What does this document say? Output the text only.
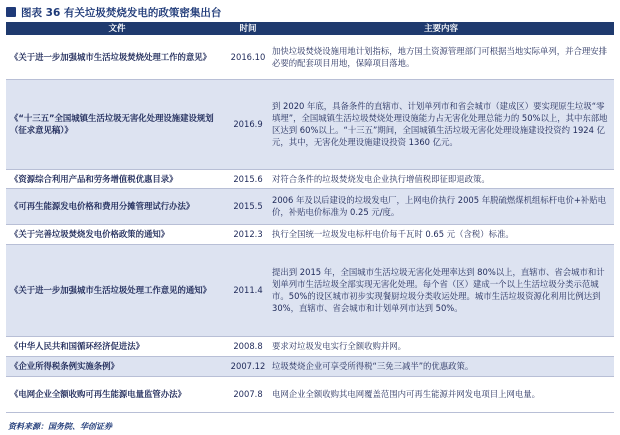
图表 36 有关垃圾焚烧发电的政策密集出台
文件	时间	主要内容
《关于进一步加强城市生活垃圾焚烧处理工作的意见》	2016.10	加快垃圾焚烧设施用地计划指标，地方国土资源管理部门可根据当地实际单列，并合理安排必要的配套项目用地，保障项目落地。
《“十三五”全国城镇生活垃圾无害化处理设施建设规划（征求意见稿）》	2016.9	到 2020 年底，具备条件的直辖市、计划单列市和省会城市（建成区）要实现原生垃圾“零填埋”，全国城镇生活垃圾焚烧处理设施能力占无害化处理总能力的 50%以上，其中东部地区达到 60%以上。“十三五”期间，全国城镇生活垃圾无害化处理设施建设投资约 1924 亿元，其中，无害化处理设施建设投资 1360 亿元。
《资源综合利用产品和劳务增值税优惠目录》	2015.6	对符合条件的垃圾焚烧发电企业执行增值税即征即退政策。
《可再生能源发电价格和费用分摊管理试行办法》	2015.5	2006 年及以后建设的垃圾发电厂，上网电价执行 2005 年脱硫燃煤机组标杆电价+补贴电价，补贴电价标准为 0.25 元/度。
《关于完善垃圾焚烧发电价格政策的通知》	2012.3	执行全国统一垃圾发电标杆电价每千瓦时 0.65 元（含税）标准。
《关于进一步加强城市生活垃圾处理工作意见的通知》	2011.4	提出到 2015 年，全国城市生活垃圾无害化处理率达到 80%以上，直辖市、省会城市和计划单列市生活垃圾全部实现无害化处理。每个省（区）建成一个以上生活垃圾分类示范城市。50%的设区城市初步实现餐厨垃圾分类收运处理。城市生活垃圾资源化利用比例达到 30%，直辖市、省会城市和计划单列市达到 50%。
《中华人民共和国循环经济促进法》	2008.8	要求对垃圾发电实行全额收购并网。
《企业所得税条例实施条例》	2007.12	垃圾焚烧企业可享受所得税“三免三减半”的优惠政策。
《电网企业全额收购可再生能源电量监管办法》	2007.8	电网企业全额收购其电网覆盖范围内可再生能源并网发电项目上网电量。
资料来源：国务院、华创证券
